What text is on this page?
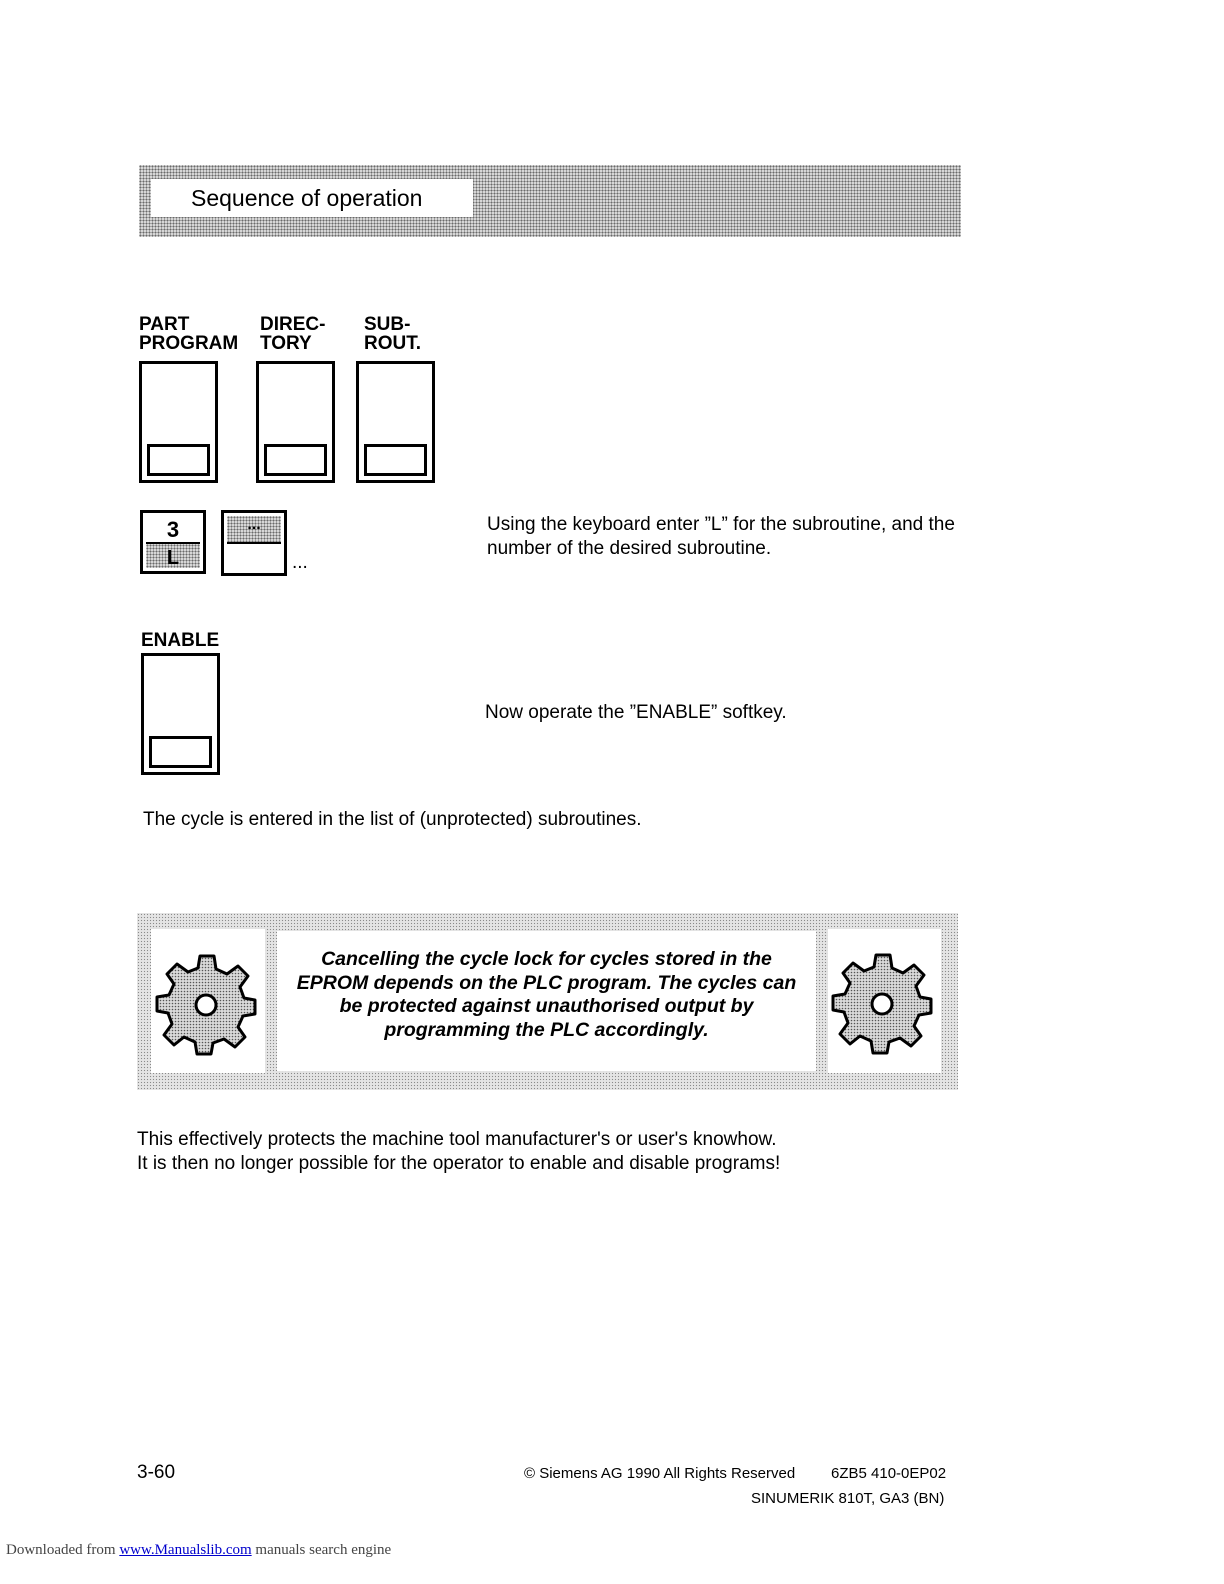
Sequence of operation
PART
PROGRAM
DIREC-
TORY
SUB-
ROUT.
3
L
...
...
Using the keyboard enter ”L” for the subroutine, and the number of the desired subroutine.
ENABLE
Now operate the ”ENABLE” softkey.
The cycle is entered in the list of (unprotected) subroutines.
Cancelling the cycle lock for cycles stored in the
EPROM depends on the PLC program. The cycles can
be protected against unauthorised output by
programming the PLC accordingly.
This effectively protects the machine tool manufacturer's or user's knowhow.
It is then no longer possible for the operator to enable and disable programs!
3-60	© Siemens AG 1990 All Rights Reserved 6ZB5 410-0EP02
SINUMERIK 810T, GA3 (BN)
Downloaded from www.Manualslib.com manuals search engine
